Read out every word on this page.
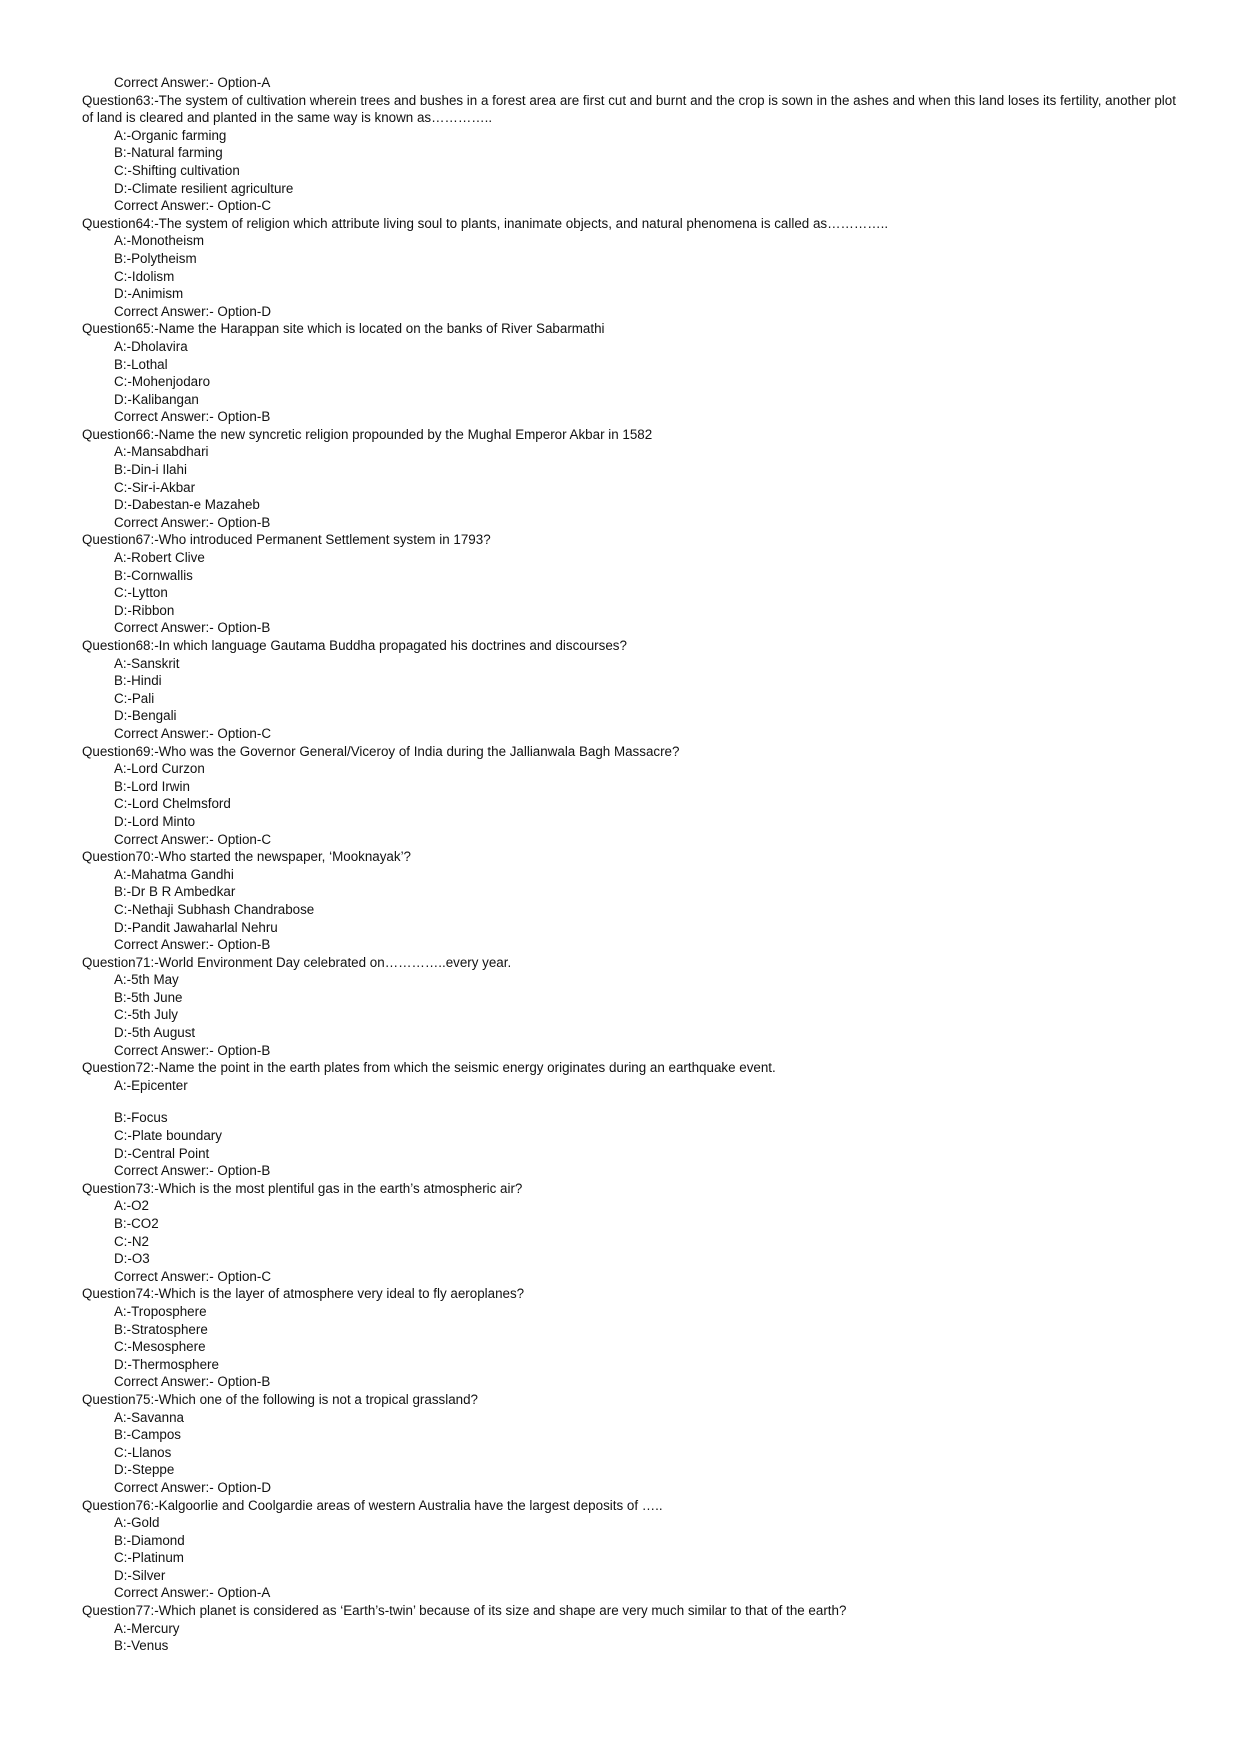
Correct Answer:- Option-A
Question63:-The system of cultivation wherein trees and bushes in a forest area are first cut and burnt and the crop is sown in the ashes and when this land loses its fertility, another plot of land is cleared and planted in the same way is known as…………..
A:-Organic farming
B:-Natural farming
C:-Shifting cultivation
D:-Climate resilient agriculture
Correct Answer:- Option-C
Question64:-The system of religion which attribute living soul to plants, inanimate objects, and natural phenomena is called as…………..
A:-Monotheism
B:-Polytheism
C:-Idolism
D:-Animism
Correct Answer:- Option-D
Question65:-Name the Harappan site which is located on the banks of River Sabarmathi
A:-Dholavira
B:-Lothal
C:-Mohenjodaro
D:-Kalibangan
Correct Answer:- Option-B
Question66:-Name the new syncretic religion propounded by the Mughal Emperor Akbar in 1582
A:-Mansabdhari
B:-Din-i Ilahi
C:-Sir-i-Akbar
D:-Dabestan-e Mazaheb
Correct Answer:- Option-B
Question67:-Who introduced Permanent Settlement system in 1793?
A:-Robert Clive
B:-Cornwallis
C:-Lytton
D:-Ribbon
Correct Answer:- Option-B
Question68:-In which language Gautama Buddha propagated his doctrines and discourses?
A:-Sanskrit
B:-Hindi
C:-Pali
D:-Bengali
Correct Answer:- Option-C
Question69:-Who was the Governor General/Viceroy of India during the Jallianwala Bagh Massacre?
A:-Lord Curzon
B:-Lord Irwin
C:-Lord Chelmsford
D:-Lord Minto
Correct Answer:- Option-C
Question70:-Who started the newspaper, ‘Mooknayak’?
A:-Mahatma Gandhi
B:-Dr B R Ambedkar
C:-Nethaji Subhash Chandrabose
D:-Pandit Jawaharlal Nehru
Correct Answer:- Option-B
Question71:-World Environment Day celebrated on…………..every year.
A:-5th May
B:-5th June
C:-5th July
D:-5th August
Correct Answer:- Option-B
Question72:-Name the point in the earth plates from which the seismic energy originates during an earthquake event.
A:-Epicenter
B:-Focus
C:-Plate boundary
D:-Central Point
Correct Answer:- Option-B
Question73:-Which is the most plentiful gas in the earth’s atmospheric air?
A:-O2
B:-CO2
C:-N2
D:-O3
Correct Answer:- Option-C
Question74:-Which is the layer of atmosphere very ideal to fly aeroplanes?
A:-Troposphere
B:-Stratosphere
C:-Mesosphere
D:-Thermosphere
Correct Answer:- Option-B
Question75:-Which one of the following is not a tropical grassland?
A:-Savanna
B:-Campos
C:-Llanos
D:-Steppe
Correct Answer:- Option-D
Question76:-Kalgoorlie and Coolgardie areas of western Australia have the largest deposits of …..
A:-Gold
B:-Diamond
C:-Platinum
D:-Silver
Correct Answer:- Option-A
Question77:-Which planet is considered as ‘Earth’s-twin’ because of its size and shape are very much similar to that of the earth?
A:-Mercury
B:-Venus
